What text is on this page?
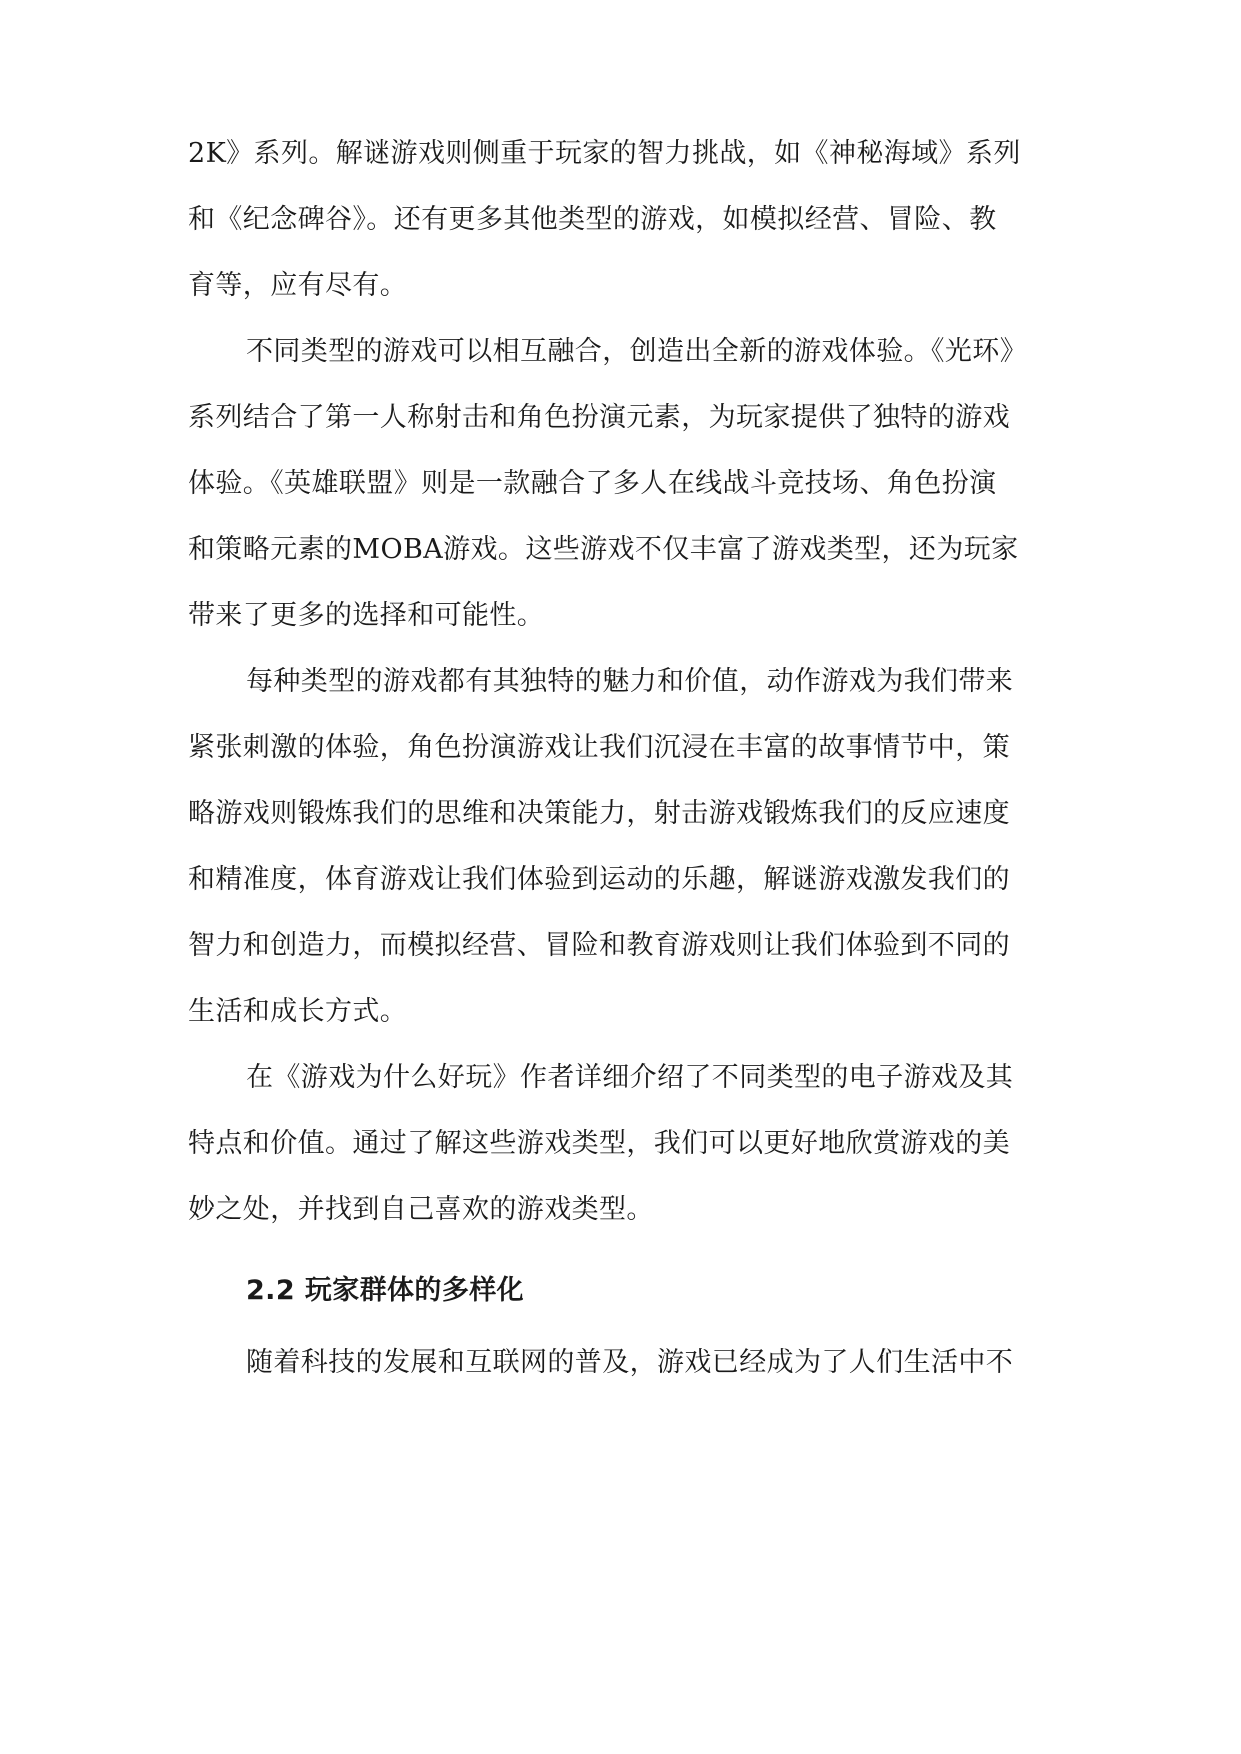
2K》系列。解谜游戏则侧重于玩家的智力挑战，如《神秘海域》系列
和《纪念碑谷》。还有更多其他类型的游戏，如模拟经营、冒险、教
育等，应有尽有。
不同类型的游戏可以相互融合，创造出全新的游戏体验。《光环》
系列结合了第一人称射击和角色扮演元素，为玩家提供了独特的游戏
体验。《英雄联盟》则是一款融合了多人在线战斗竞技场、角色扮演
和策略元素的MOBA游戏。这些游戏不仅丰富了游戏类型，还为玩家
带来了更多的选择和可能性。
每种类型的游戏都有其独特的魅力和价值，动作游戏为我们带来
紧张刺激的体验，角色扮演游戏让我们沉浸在丰富的故事情节中，策
略游戏则锻炼我们的思维和决策能力，射击游戏锻炼我们的反应速度
和精准度，体育游戏让我们体验到运动的乐趣，解谜游戏激发我们的
智力和创造力，而模拟经营、冒险和教育游戏则让我们体验到不同的
生活和成长方式。
在《游戏为什么好玩》作者详细介绍了不同类型的电子游戏及其
特点和价值。通过了解这些游戏类型，我们可以更好地欣赏游戏的美
妙之处，并找到自己喜欢的游戏类型。
2.2 玩家群体的多样化
随着科技的发展和互联网的普及，游戏已经成为了人们生活中不
